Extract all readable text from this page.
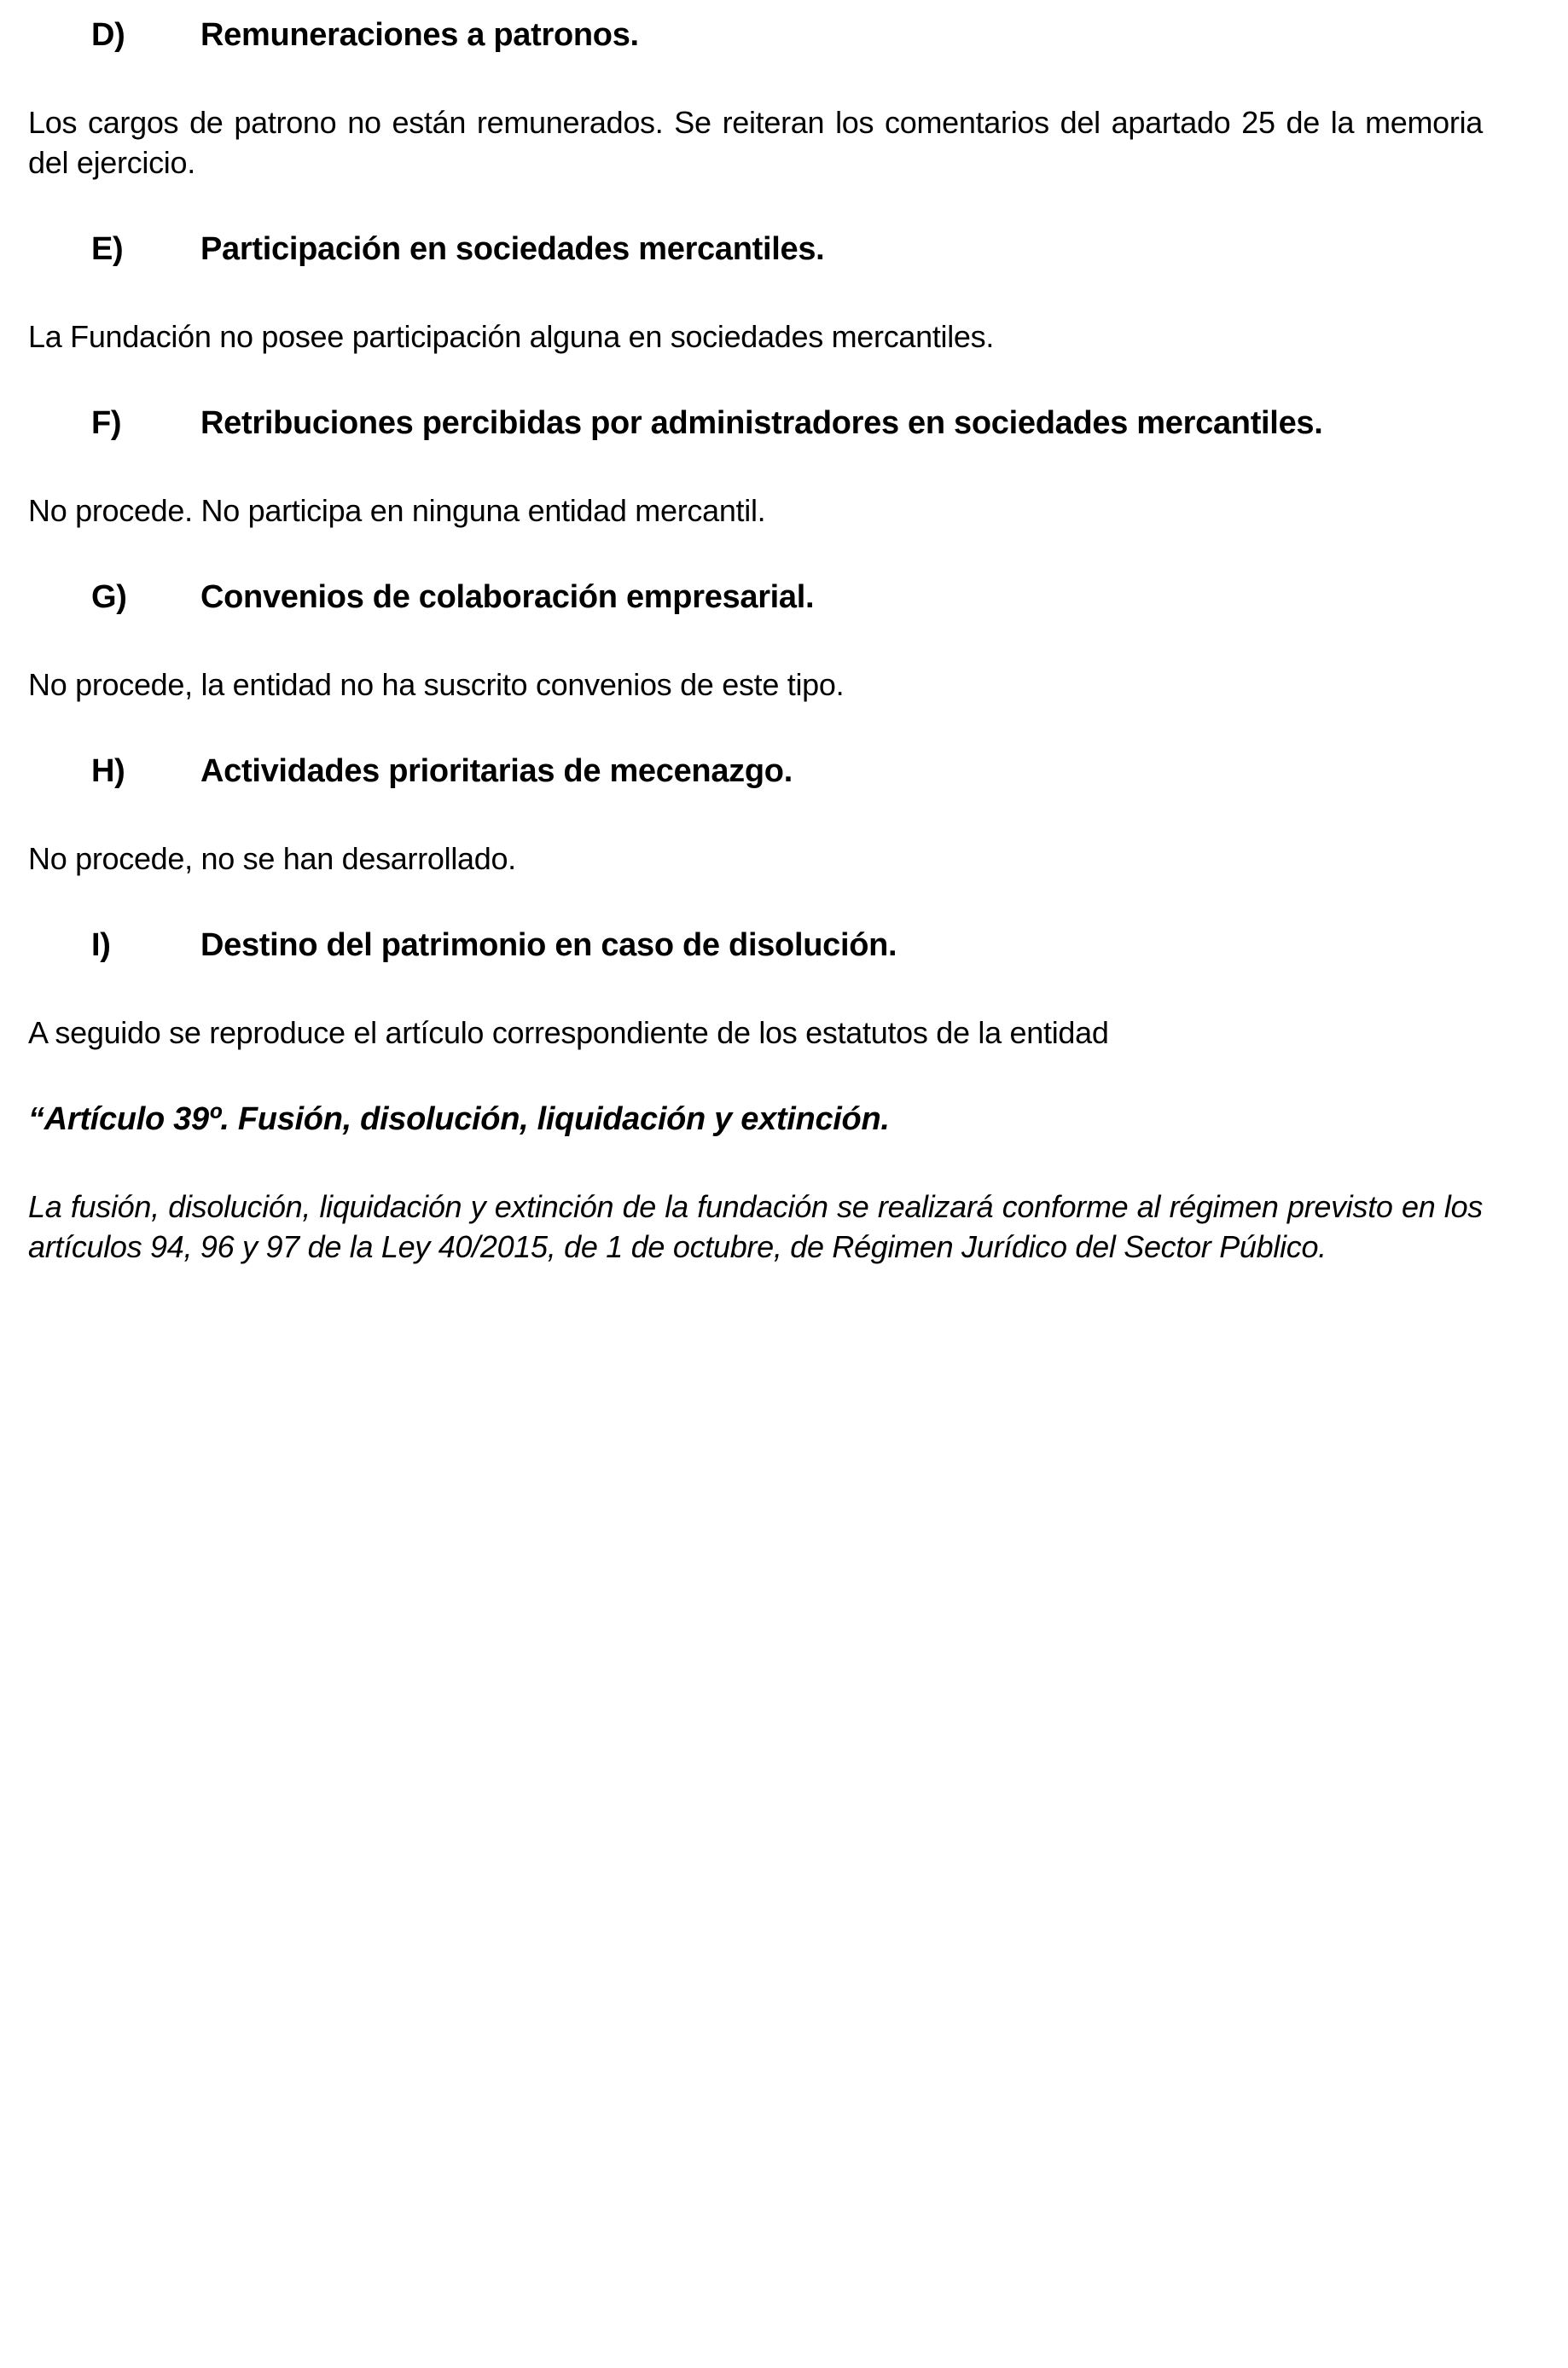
D)	Remuneraciones a patronos.

Los cargos de patrono no están remunerados. Se reiteran los comentarios del apartado 25 de la memoria del ejercicio.

E)	Participación en sociedades mercantiles.

La Fundación no posee participación alguna en sociedades mercantiles.

F)	Retribuciones percibidas por administradores en sociedades mercantiles.

No procede. No participa en ninguna entidad mercantil.

G)	Convenios de colaboración empresarial.

No procede, la entidad no ha suscrito convenios de este tipo.

H)	Actividades prioritarias de mecenazgo.

No procede, no se han desarrollado.

I)	Destino del patrimonio en caso de disolución.

A seguido se reproduce el artículo correspondiente de los estatutos de la entidad

“Artículo 39º. Fusión, disolución, liquidación y extinción.

La fusión, disolución, liquidación y extinción de la fundación se realizará conforme al régimen previsto en los artículos 94, 96 y 97 de la Ley 40/2015, de 1 de octubre, de Régimen Jurídico del Sector Público.
